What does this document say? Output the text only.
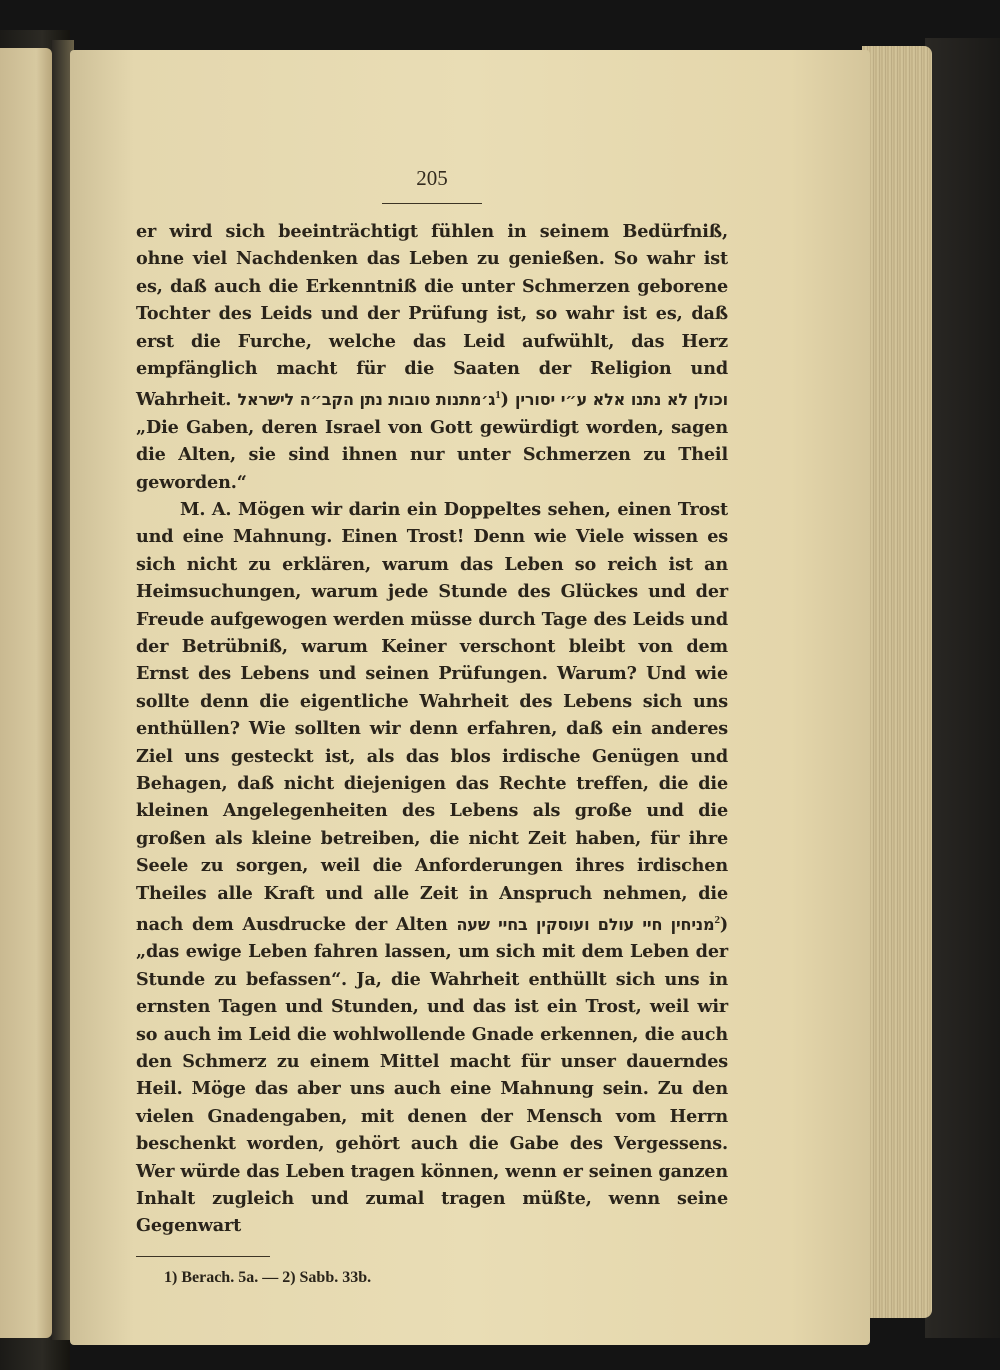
205

er wird sich beeinträchtigt fühlen in seinem Bedürfniß, ohne viel Nachdenken das Leben zu genießen. So wahr ist es, daß auch die Erkenntniß die unter Schmerzen geborene Tochter des Leids und der Prüfung ist, so wahr ist es, daß erst die Furche, welche das Leid aufwühlt, das Herz empfänglich macht für die Saaten der Religion und Wahrheit. ג׳מתנות טובות נתן הקב״ה לישראל$^1$) וכולן לא נתנו אלא ע״י יסורין „Die Gaben, deren Israel von Gott gewürdigt worden, sagen die Alten, sie sind ihnen nur unter Schmerzen zu Theil geworden.“

M. A. Mögen wir darin ein Doppeltes sehen, einen Trost und eine Mahnung. Einen Trost! Denn wie Viele wissen es sich nicht zu erklären, warum das Leben so reich ist an Heimsuchungen, warum jede Stunde des Glückes und der Freude aufgewogen werden müsse durch Tage des Leids und der Betrübniß, warum Keiner verschont bleibt von dem Ernst des Lebens und seinen Prüfungen. Warum? Und wie sollte denn die eigentliche Wahrheit des Lebens sich uns enthüllen? Wie sollten wir denn erfahren, daß ein anderes Ziel uns gesteckt ist, als das blos irdische Genügen und Behagen, daß nicht diejenigen das Rechte treffen, die die kleinen Angelegenheiten des Lebens als große und die großen als kleine betreiben, die nicht Zeit haben, für ihre Seele zu sorgen, weil die Anforderungen ihres irdischen Theiles alle Kraft und alle Zeit in Anspruch nehmen, die nach dem Ausdrucke der Alten מניחין חיי עולם ועוסקין בחיי שעה$^2$) „das ewige Leben fahren lassen, um sich mit dem Leben der Stunde zu befassen“. Ja, die Wahrheit enthüllt sich uns in ernsten Tagen und Stunden, und das ist ein Trost, weil wir so auch im Leid die wohlwollende Gnade erkennen, die auch den Schmerz zu einem Mittel macht für unser dauerndes Heil. Möge das aber uns auch eine Mahnung sein. Zu den vielen Gnadengaben, mit denen der Mensch vom Herrn beschenkt worden, gehört auch die Gabe des Vergessens. Wer würde das Leben tragen können, wenn er seinen ganzen Inhalt zugleich und zumal tragen müßte, wenn seine Gegenwart

1) Berach. 5a. — 2) Sabb. 33b.
